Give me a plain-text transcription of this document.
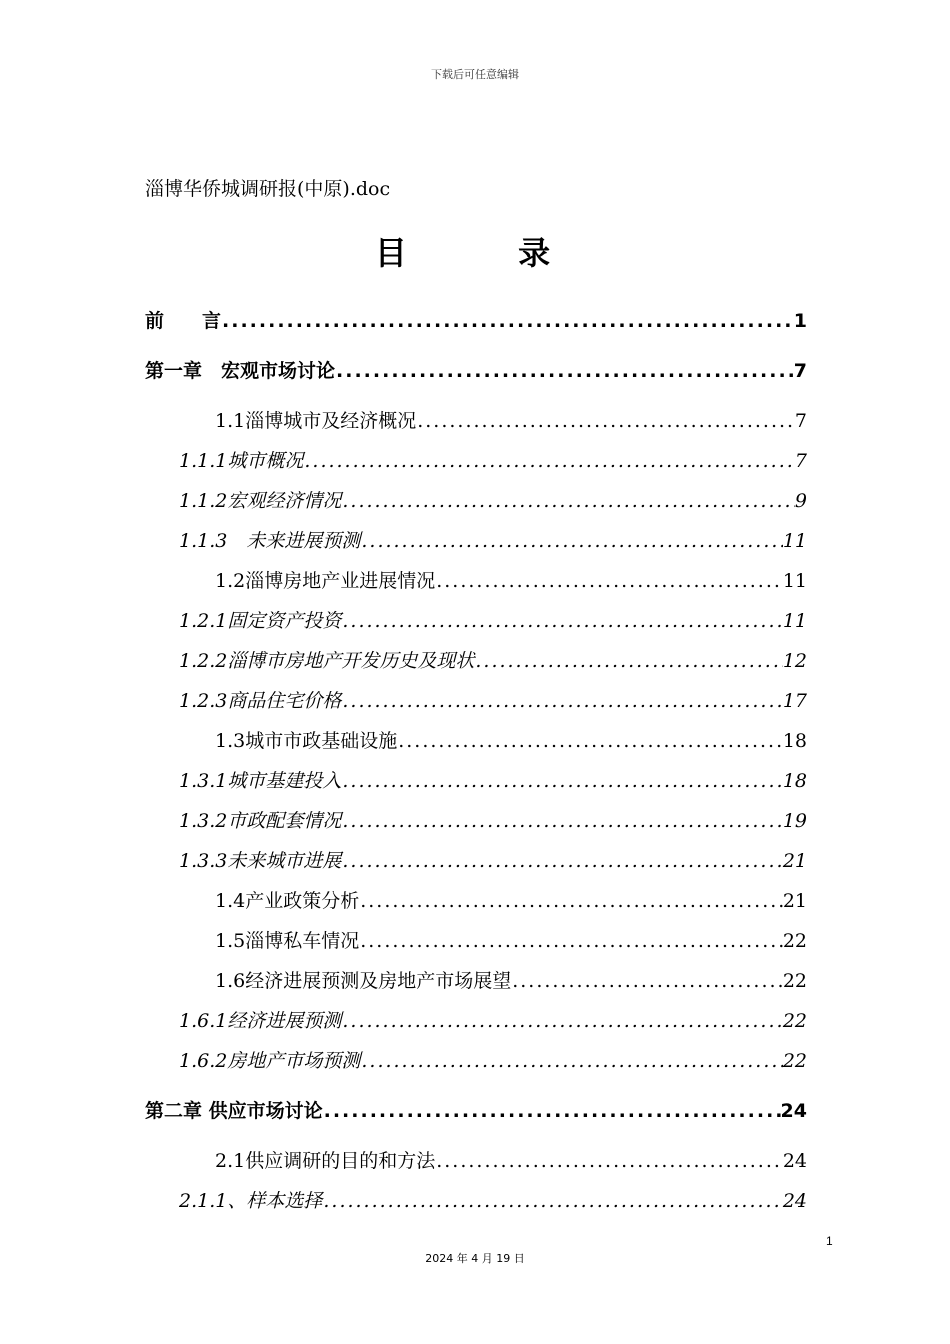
下载后可任意编辑
淄博华侨城调研报(中原).doc
目 录
前　　言 .....	1
第一章　宏观市场讨论 .....	7
1.1淄博城市及经济概况 .....	7
1.1.1城市概况 .....	7
1.1.2宏观经济情况 .....	9
1.1.3　未来进展预测 .....	11
1.2淄博房地产业进展情况 .....	11
1.2.1固定资产投资 .....	11
1.2.2淄博市房地产开发历史及现状 .....	12
1.2.3商品住宅价格 .....	17
1.3城市市政基础设施 .....	18
1.3.1城市基建投入 .....	18
1.3.2市政配套情况 .....	19
1.3.3未来城市进展 .....	21
1.4产业政策分析 .....	21
1.5淄博私车情况 .....	22
1.6经济进展预测及房地产市场展望 .....	22
1.6.1经济进展预测 .....	22
1.6.2房地产市场预测 .....	22
第二章 供应市场讨论 .....	24
2.1供应调研的目的和方法 .....	24
2.1.1、样本选择 .....	24
1
2024 年 4 月 19 日
